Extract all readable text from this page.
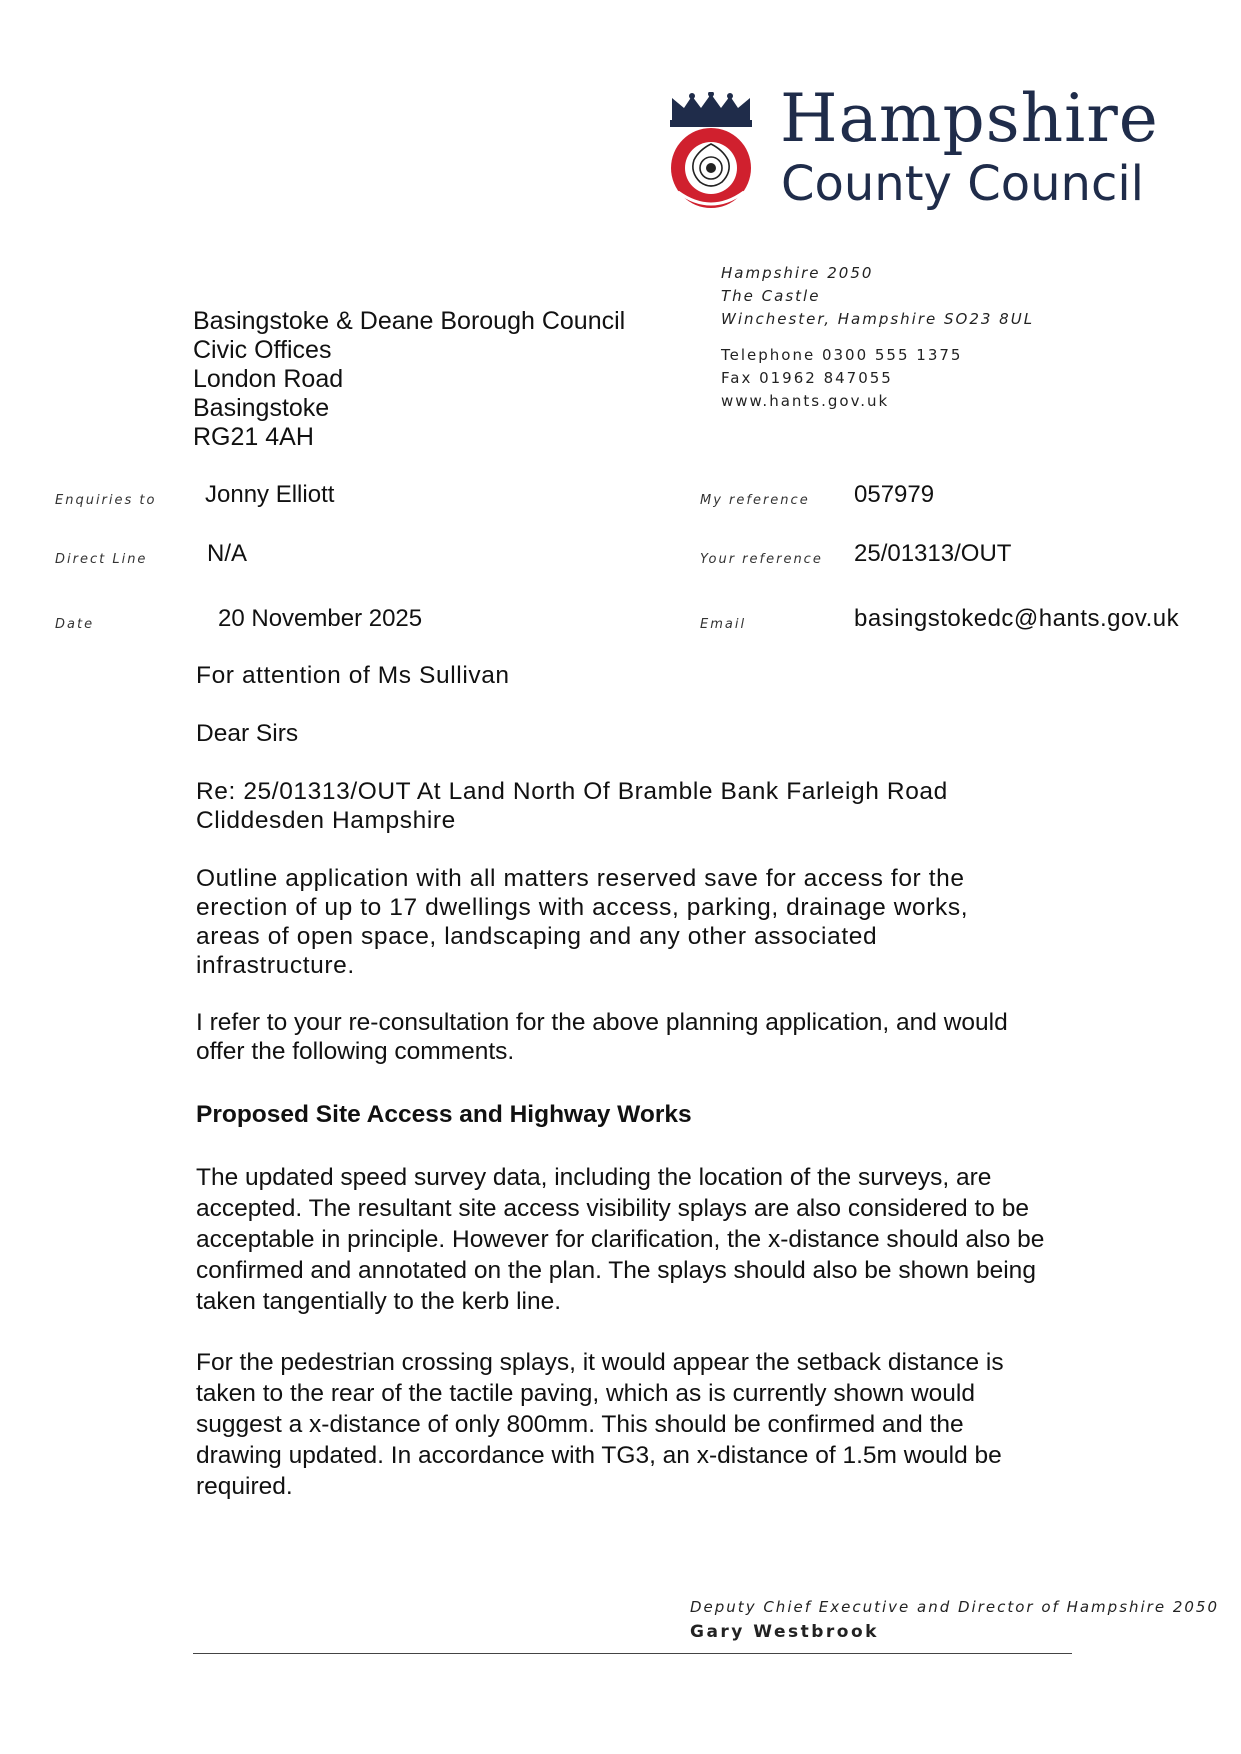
Hampshire
County Council
Hampshire 2050
The Castle
Winchester, Hampshire SO23 8UL
Telephone 0300 555 1375
Fax 01962 847055
www.hants.gov.uk
Basingstoke & Deane Borough Council
Civic Offices
London Road
Basingstoke
RG21 4AH
Enquiries to Jonny Elliott
Direct Line N/A
Date	20 November 2025
My reference 057979
Your reference 25/01313/OUT
Email	basingstokedc@hants.gov.uk
For attention of Ms Sullivan
Dear Sirs
Re: 25/01313/OUT At Land North Of Bramble Bank Farleigh Road
Cliddesden Hampshire
Outline application with all matters reserved save for access for the erection of up to 17 dwellings with access, parking, drainage works, areas of open space, landscaping and any other associated infrastructure.
I refer to your re-consultation for the above planning application, and would offer the following comments.
Proposed Site Access and Highway Works
The updated speed survey data, including the location of the surveys, are accepted. The resultant site access visibility splays are also considered to be acceptable in principle. However for clarification, the x-distance should also be confirmed and annotated on the plan. The splays should also be shown being taken tangentially to the kerb line.
For the pedestrian crossing splays, it would appear the setback distance is taken to the rear of the tactile paving, which as is currently shown would suggest a x-distance of only 800mm. This should be confirmed and the drawing updated. In accordance with TG3, an x-distance of 1.5m would be required.
Deputy Chief Executive and Director of Hampshire 2050
Gary Westbrook
